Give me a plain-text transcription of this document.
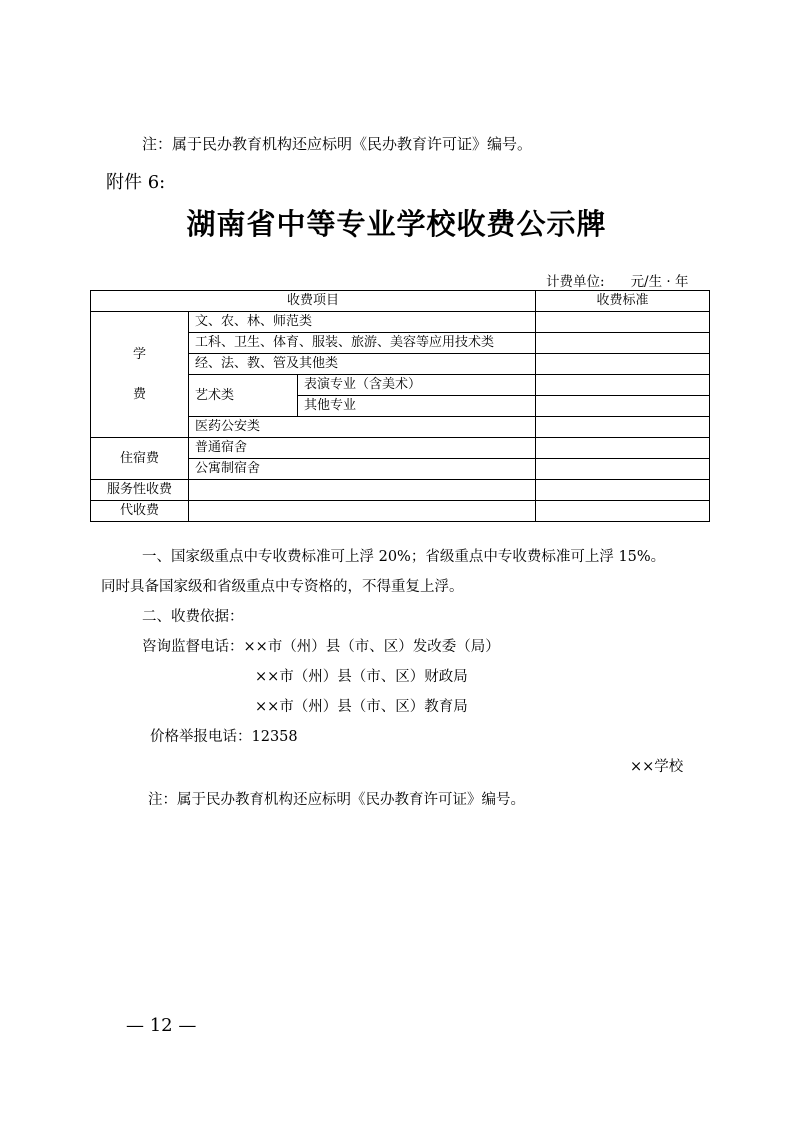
注：属于民办教育机构还应标明《民办教育许可证》编号。
附件 6:
湖南省中等专业学校收费公示牌
计费单位: 元/生 · 年
收费项目			收费标准

学
费	文、农、林、师范类		
	工科、卫生、体育、服装、旅游、美容等应用技术类		
	经、法、教、管及其他类		
	艺术类	表演专业（含美术）	
		其他专业	
	医药公安类		
住宿费	普通宿舍		
	公寓制宿舍		
服务性收费			
代收费			
一、国家级重点中专收费标准可上浮 20%；省级重点中专收费标准可上浮 15%。
同时具备国家级和省级重点中专资格的，不得重复上浮。
二、收费依据：
咨询监督电话：××市（州）县（市、区）发改委（局）
××市（州）县（市、区）财政局
××市（州）县（市、区）教育局
价格举报电话：12358
××学校
注：属于民办教育机构还应标明《民办教育许可证》编号。
— 12 —
